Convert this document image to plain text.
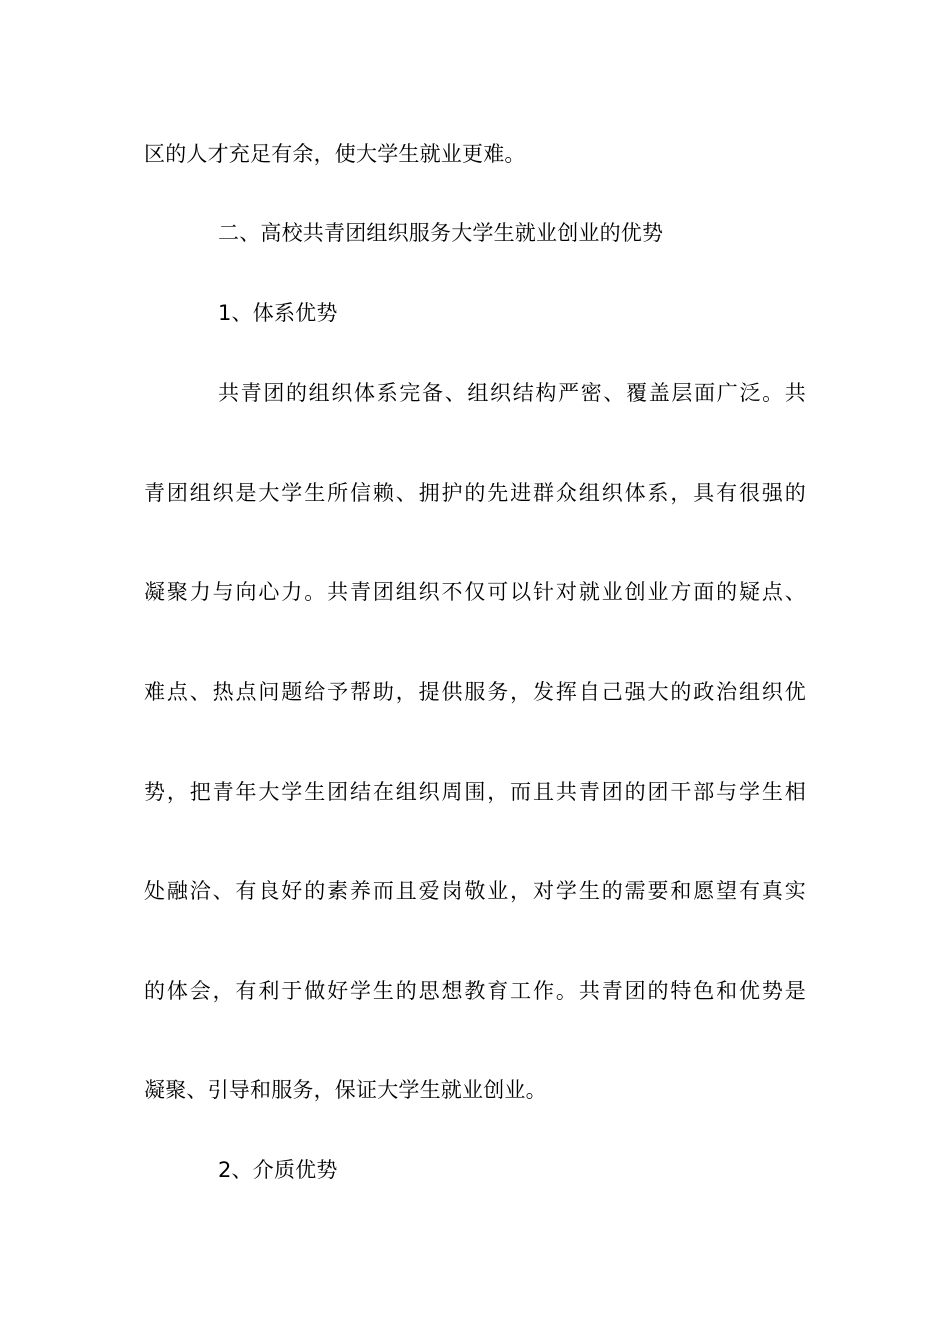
区的人才充足有余，使大学生就业更难。
二、高校共青团组织服务大学生就业创业的优势
1、体系优势
共青团的组织体系完备、组织结构严密、覆盖层面广泛。共
青团组织是大学生所信赖、拥护的先进群众组织体系，具有很强的
凝聚力与向心力。共青团组织不仅可以针对就业创业方面的疑点、
难点、热点问题给予帮助，提供服务，发挥自己强大的政治组织优
势，把青年大学生团结在组织周围，而且共青团的团干部与学生相
处融洽、有良好的素养而且爱岗敬业，对学生的需要和愿望有真实
的体会，有利于做好学生的思想教育工作。共青团的特色和优势是
凝聚、引导和服务，保证大学生就业创业。
2、介质优势
